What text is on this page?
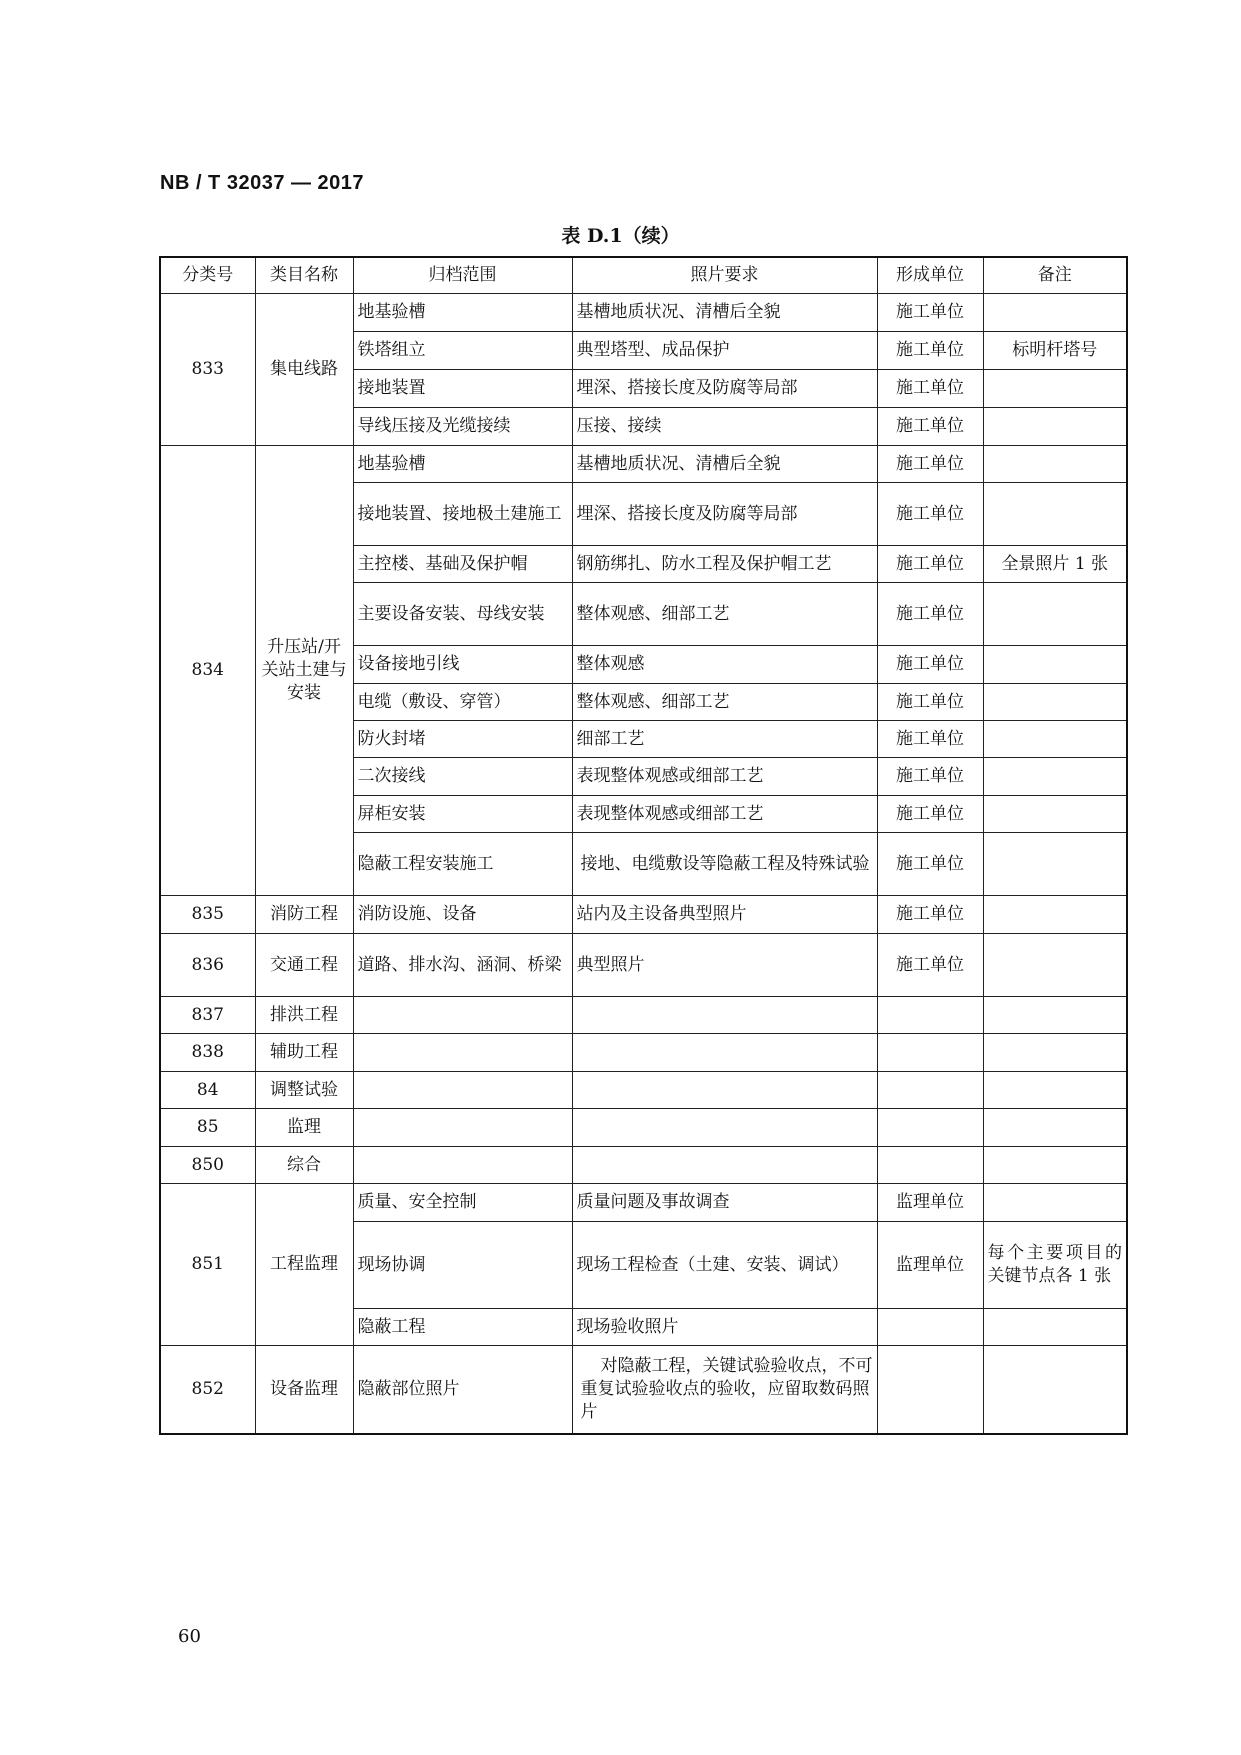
NB / T 32037 — 2017
表 D.1（续）
分类号	类目名称	归档范围	照片要求	形成单位	备注
833	集电线路	地基验槽	基槽地质状况、清槽后全貌	施工单位	
		铁塔组立	典型塔型、成品保护	施工单位	标明杆塔号
		接地装置	埋深、搭接长度及防腐等局部	施工单位	
		导线压接及光缆接续	压接、接续	施工单位	
834	升压站/开关站土建与安装	地基验槽	基槽地质状况、清槽后全貌	施工单位	
		接地装置、接地极土建施工	埋深、搭接长度及防腐等局部	施工单位	
		主控楼、基础及保护帽	钢筋绑扎、防水工程及保护帽工艺	施工单位	全景照片 1 张
		主要设备安装、母线安装	整体观感、细部工艺	施工单位	
		设备接地引线	整体观感	施工单位	
		电缆（敷设、穿管）	整体观感、细部工艺	施工单位	
		防火封堵	细部工艺	施工单位	
		二次接线	表现整体观感或细部工艺	施工单位	
		屏柜安装	表现整体观感或细部工艺	施工单位	
		隐蔽工程安装施工	接地、电缆敷设等隐蔽工程及特殊试验	施工单位	
835	消防工程	消防设施、设备	站内及主设备典型照片	施工单位	
836	交通工程	道路、排水沟、涵洞、桥梁	典型照片	施工单位	
837	排洪工程				
838	辅助工程				
84	调整试验				
85	监理				
850	综合				
851	工程监理	质量、安全控制	质量问题及事故调查	监理单位	
		现场协调	现场工程检查（土建、安装、调试）	监理单位	每个主要项目的关键节点各 1 张
		隐蔽工程	现场验收照片		
852	设备监理	隐蔽部位照片	对隐蔽工程，关键试验验收点，不可重复试验验收点的验收，应留取数码照片		
60
